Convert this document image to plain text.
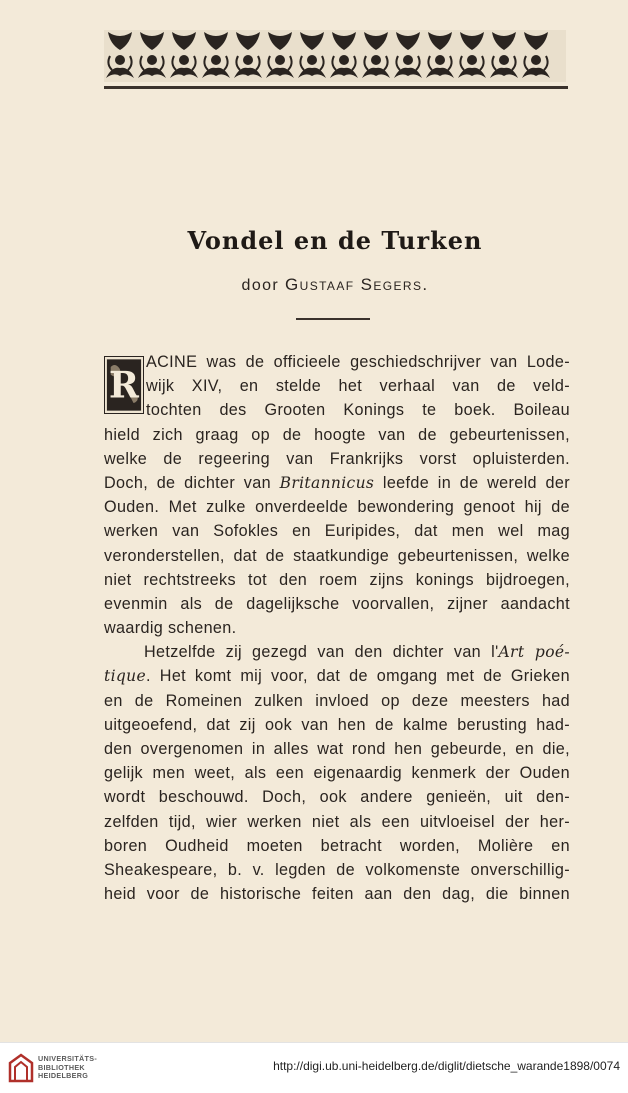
Vondel en de Turken
door Gustaaf Segers.
R
ACINE was de officieele geschiedschrijver van Lode-
wijk XIV, en stelde het verhaal van de veld-
tochten des Grooten Konings te boek. Boileau
hield zich graag op de hoogte van de gebeurtenissen,
welke de regeering van Frankrijks vorst opluisterden.
Doch, de dichter van Britannicus leefde in de wereld der
Ouden. Met zulke onverdeelde bewondering genoot hij de
werken van Sofokles en Euripides, dat men wel mag
veronderstellen, dat de staatkundige gebeurtenissen, welke
niet rechtstreeks tot den roem zijns konings bijdroegen,
evenmin als de dagelijksche voorvallen, zijner aandacht
waardig schenen.
Hetzelfde zij gezegd van den dichter van l'Art poé-
tique. Het komt mij voor, dat de omgang met de Grieken
en de Romeinen zulken invloed op deze meesters had
uitgeoefend, dat zij ook van hen de kalme berusting had-
den overgenomen in alles wat rond hen gebeurde, en die,
gelijk men weet, als een eigenaardig kenmerk der Ouden
wordt beschouwd. Doch, ook andere genieën, uit den-
zelfden tijd, wier werken niet als een uitvloeisel der her-
boren Oudheid moeten betracht worden, Molière en
Sheakespeare, b. v. legden de volkomenste onverschillig-
heid voor de historische feiten aan den dag, die binnen
UNIVERSITÄTS-
BIBLIOTHEK
HEIDELBERG
http://digi.ub.uni-heidelberg.de/diglit/dietsche_warande1898/0074
